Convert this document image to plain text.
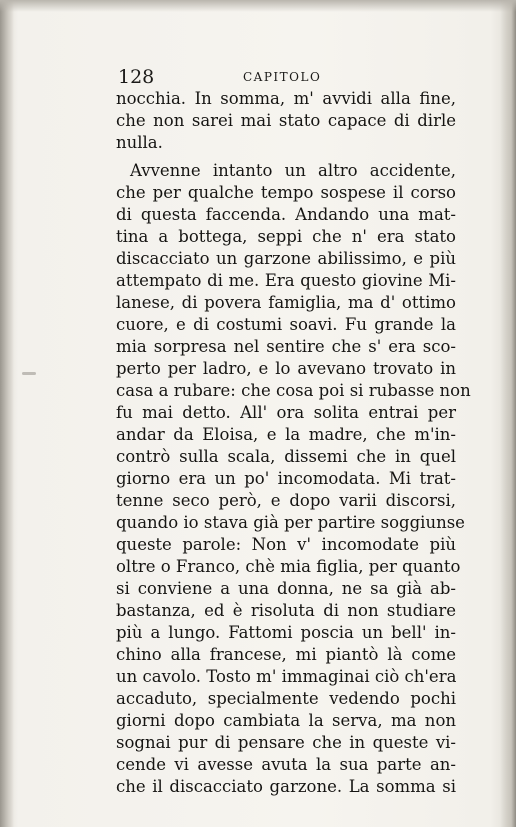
128	CAPITOLO
nocchia. In somma, m' avvidi alla fine,
che non sarei mai stato capace di dirle
nulla.
Avvenne intanto un altro accidente,
che per qualche tempo sospese il corso
di questa faccenda. Andando una mat-
tina a bottega, seppi che n' era stato
discacciato un garzone abilissimo, e più
attempato di me. Era questo giovine Mi-
lanese, di povera famiglia, ma d' ottimo
cuore, e di costumi soavi. Fu grande la
mia sorpresa nel sentire che s' era sco-
perto per ladro, e lo avevano trovato in
casa a rubare: che cosa poi si rubasse non
fu mai detto. All' ora solita entrai per
andar da Eloisa, e la madre, che m'in-
contrò sulla scala, dissemi che in quel
giorno era un po' incomodata. Mi trat-
tenne seco però, e dopo varii discorsi,
quando io stava già per partire soggiunse
queste parole: Non v' incomodate più
oltre o Franco, chè mia figlia, per quanto
si conviene a una donna, ne sa già ab-
bastanza, ed è risoluta di non studiare
più a lungo. Fattomi poscia un bell' in-
chino alla francese, mi piantò là come
un cavolo. Tosto m' immaginai ciò ch'era
accaduto, specialmente vedendo pochi
giorni dopo cambiata la serva, ma non
sognai pur di pensare che in queste vi-
cende vi avesse avuta la sua parte an-
che il discacciato garzone. La somma si
